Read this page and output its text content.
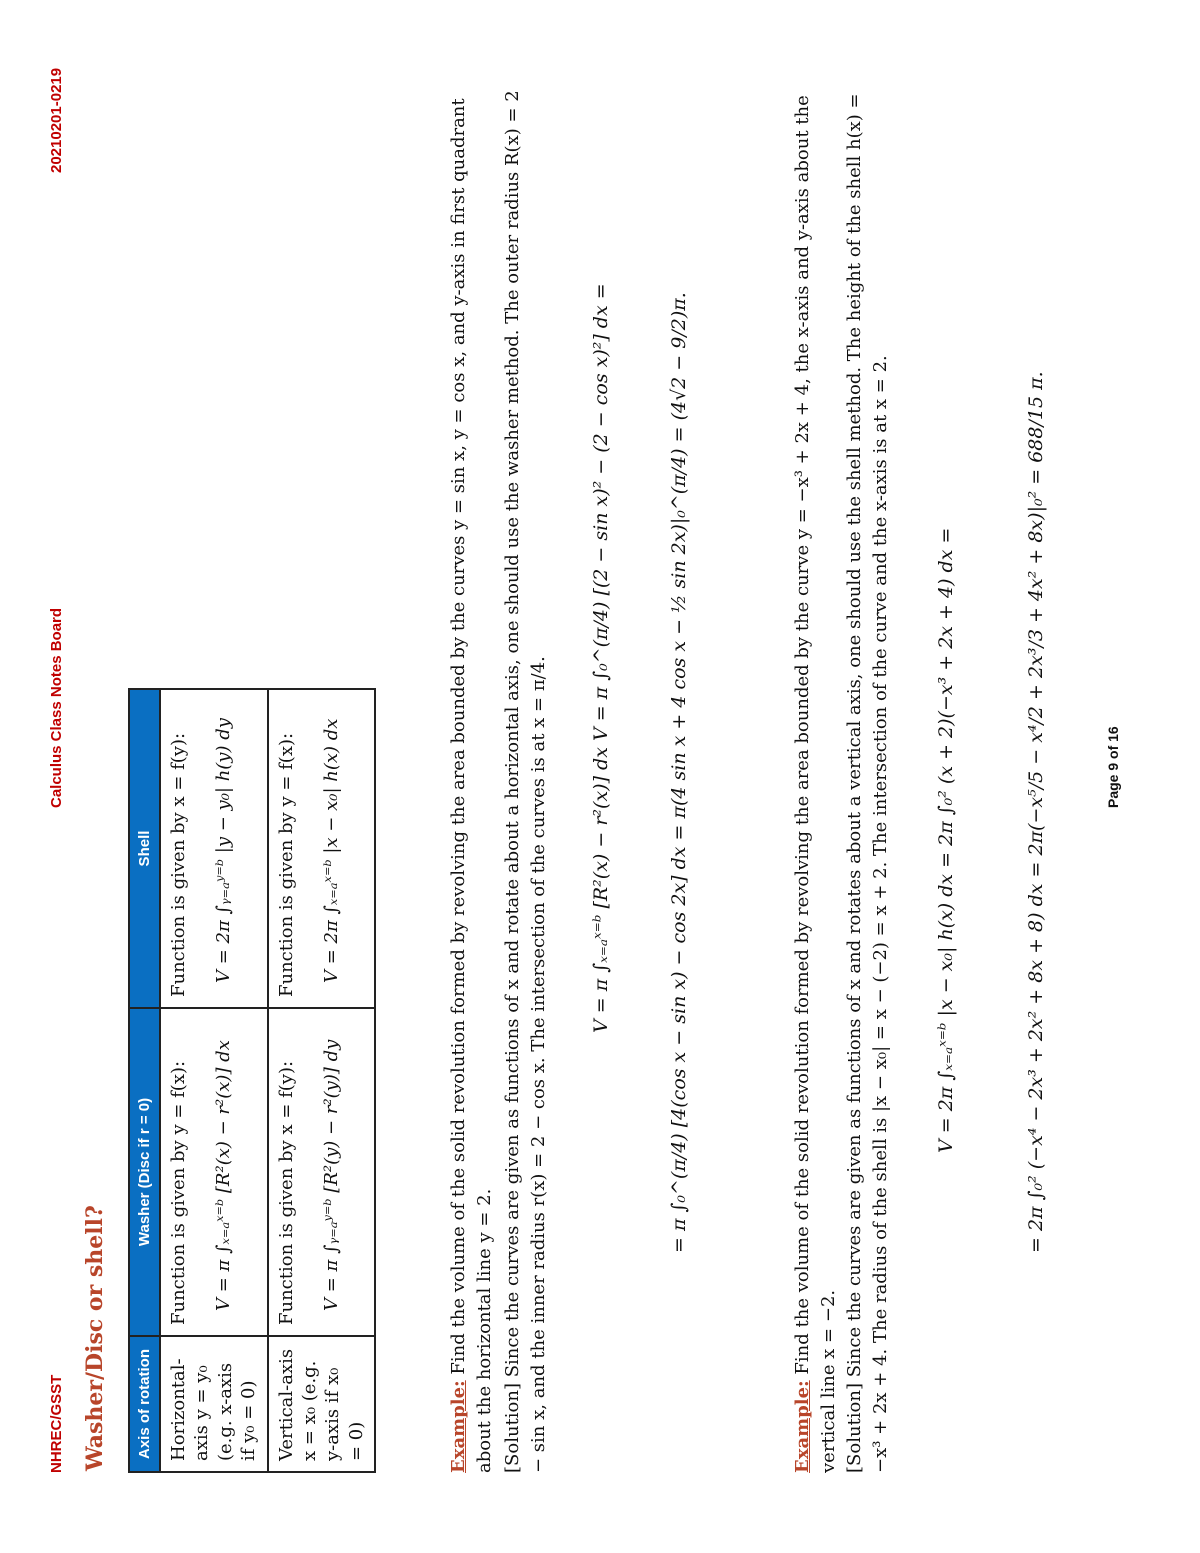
NHREC/GSST
Calculus Class Notes Board
20210201-0219
Washer/Disc or shell? Axis of rotation	Washer (Disc if r = 0)	Shell
Horizontal-axis y = y₀ (e.g. x-axis if y₀ = 0)	Function is given by y = f(x): V = π ∫ₓ₌ₐˣ⁼ᵇ [R²(x) − r²(x)] dx	Function is given by x = f(y): V = 2π ∫ᵧ₌ₐʸ⁼ᵇ |y − y₀| h(y) dy

Vertical-axis x = x₀ (e.g. y-axis if x₀ = 0)	Function is given by x = f(y): V = π ∫ᵧ₌ₐʸ⁼ᵇ [R²(y) − r²(y)] dy	Function is given by y = f(x): V = 2π ∫ₓ₌ₐˣ⁼ᵇ |x − x₀| h(x) dx
Example: Find the volume of the solid revolution formed by revolving the area bounded by the curves y = sin x, y = cos x, and y-axis in first quadrant about the horizontal line y = 2. [Solution] Since the curves are given as functions of x and rotate about a horizontal axis, one should use the washer method. The outer radius R(x) = 2 − sin x, and the inner radius r(x) = 2 − cos x. The intersection of the curves is at x = π/4. V = π ∫ₓ₌ₐˣ⁼ᵇ [R²(x) − r²(x)] dx V = π ∫₀^(π/4) [(2 − sin x)² − (2 − cos x)²] dx =	= π ∫₀^(π/4) [4(cos x − sin x) − cos 2x] dx = π(4 sin x + 4 cos x − ½ sin 2x)|₀^(π/4) = (4√2 − 9/2)π.
Example: Find the volume of the solid revolution formed by revolving the area bounded by the curve y = −x³ + 2x + 4, the x-axis and y-axis about the vertical line x = −2. [Solution] Since the curves are given as functions of x and rotates about a vertical axis, one should use the shell method. The height of the shell h(x) = −x³ + 2x + 4. The radius of the shell is |x − x₀| = x − (−2) = x + 2. The intersection of the curve and the x-axis is at x = 2. V = 2π ∫ₓ₌ₐˣ⁼ᵇ |x − x₀| h(x) dx = 2π ∫₀² (x + 2)(−x³ + 2x + 4) dx =	= 2π ∫₀² (−x⁴ − 2x³ + 2x² + 8x + 8) dx = 2π(−x⁵/5 − x⁴/2 + 2x³/3 + 4x² + 8x)|₀² = 688/15 π.	Page 9 of 16
